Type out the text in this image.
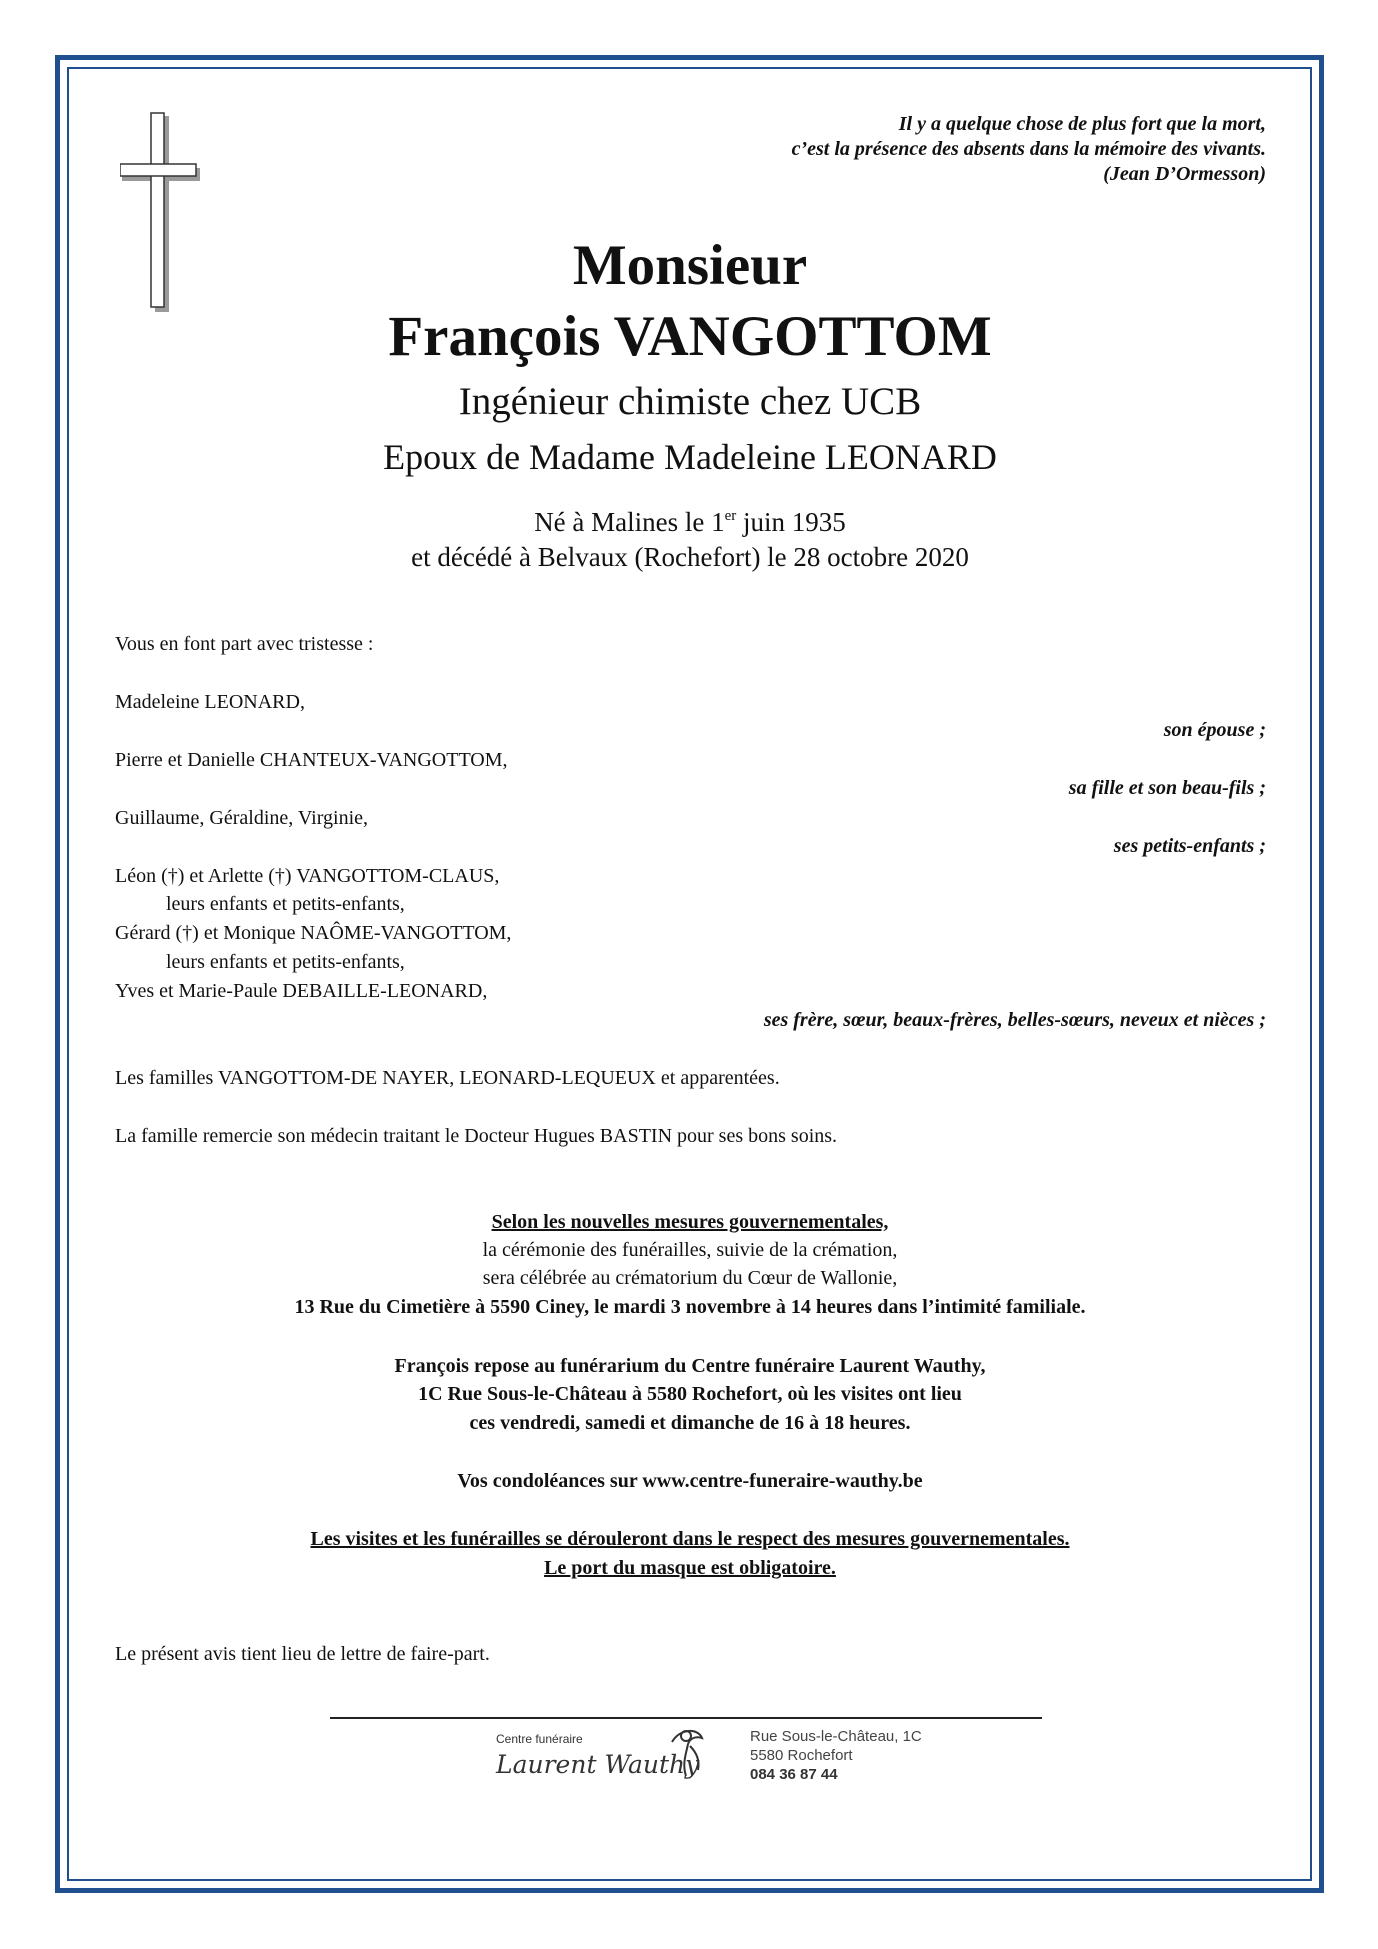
Il y a quelque chose de plus fort que la mort,
c’est la présence des absents dans la mémoire des vivants.
(Jean D’Ormesson)
Monsieur
François VANGOTTOM
Ingénieur chimiste chez UCB
Epoux de Madame Madeleine LEONARD
Né à Malines le 1er juin 1935
et décédé à Belvaux (Rochefort) le 28 octobre 2020
Vous en font part avec tristesse :
Madeleine LEONARD,
son épouse ;
Pierre et Danielle CHANTEUX-VANGOTTOM,
sa fille et son beau-fils ;
Guillaume, Géraldine, Virginie,
ses petits-enfants ;
Léon (†) et Arlette (†) VANGOTTOM-CLAUS,
leurs enfants et petits-enfants,
Gérard (†) et Monique NAÔME-VANGOTTOM,
leurs enfants et petits-enfants,
Yves et Marie-Paule DEBAILLE-LEONARD,
ses frère, sœur, beaux-frères, belles-sœurs, neveux et nièces ;
Les familles VANGOTTOM-DE NAYER, LEONARD-LEQUEUX et apparentées.
La famille remercie son médecin traitant le Docteur Hugues BASTIN pour ses bons soins.
Selon les nouvelles mesures gouvernementales,
la cérémonie des funérailles, suivie de la crémation,
sera célébrée au crématorium du Cœur de Wallonie,
13 Rue du Cimetière à 5590 Ciney, le mardi 3 novembre à 14 heures dans l’intimité familiale.
François repose au funérarium du Centre funéraire Laurent Wauthy,
1C Rue Sous-le-Château à 5580 Rochefort, où les visites ont lieu
ces vendredi, samedi et dimanche de 16 à 18 heures.
Vos condoléances sur www.centre-funeraire-wauthy.be
Les visites et les funérailles se dérouleront dans le respect des mesures gouvernementales.
Le port du masque est obligatoire.
Le présent avis tient lieu de lettre de faire-part.
Centre funéraire
Laurent Wauthy
Rue Sous-le-Château, 1C
5580 Rochefort
084 36 87 44
